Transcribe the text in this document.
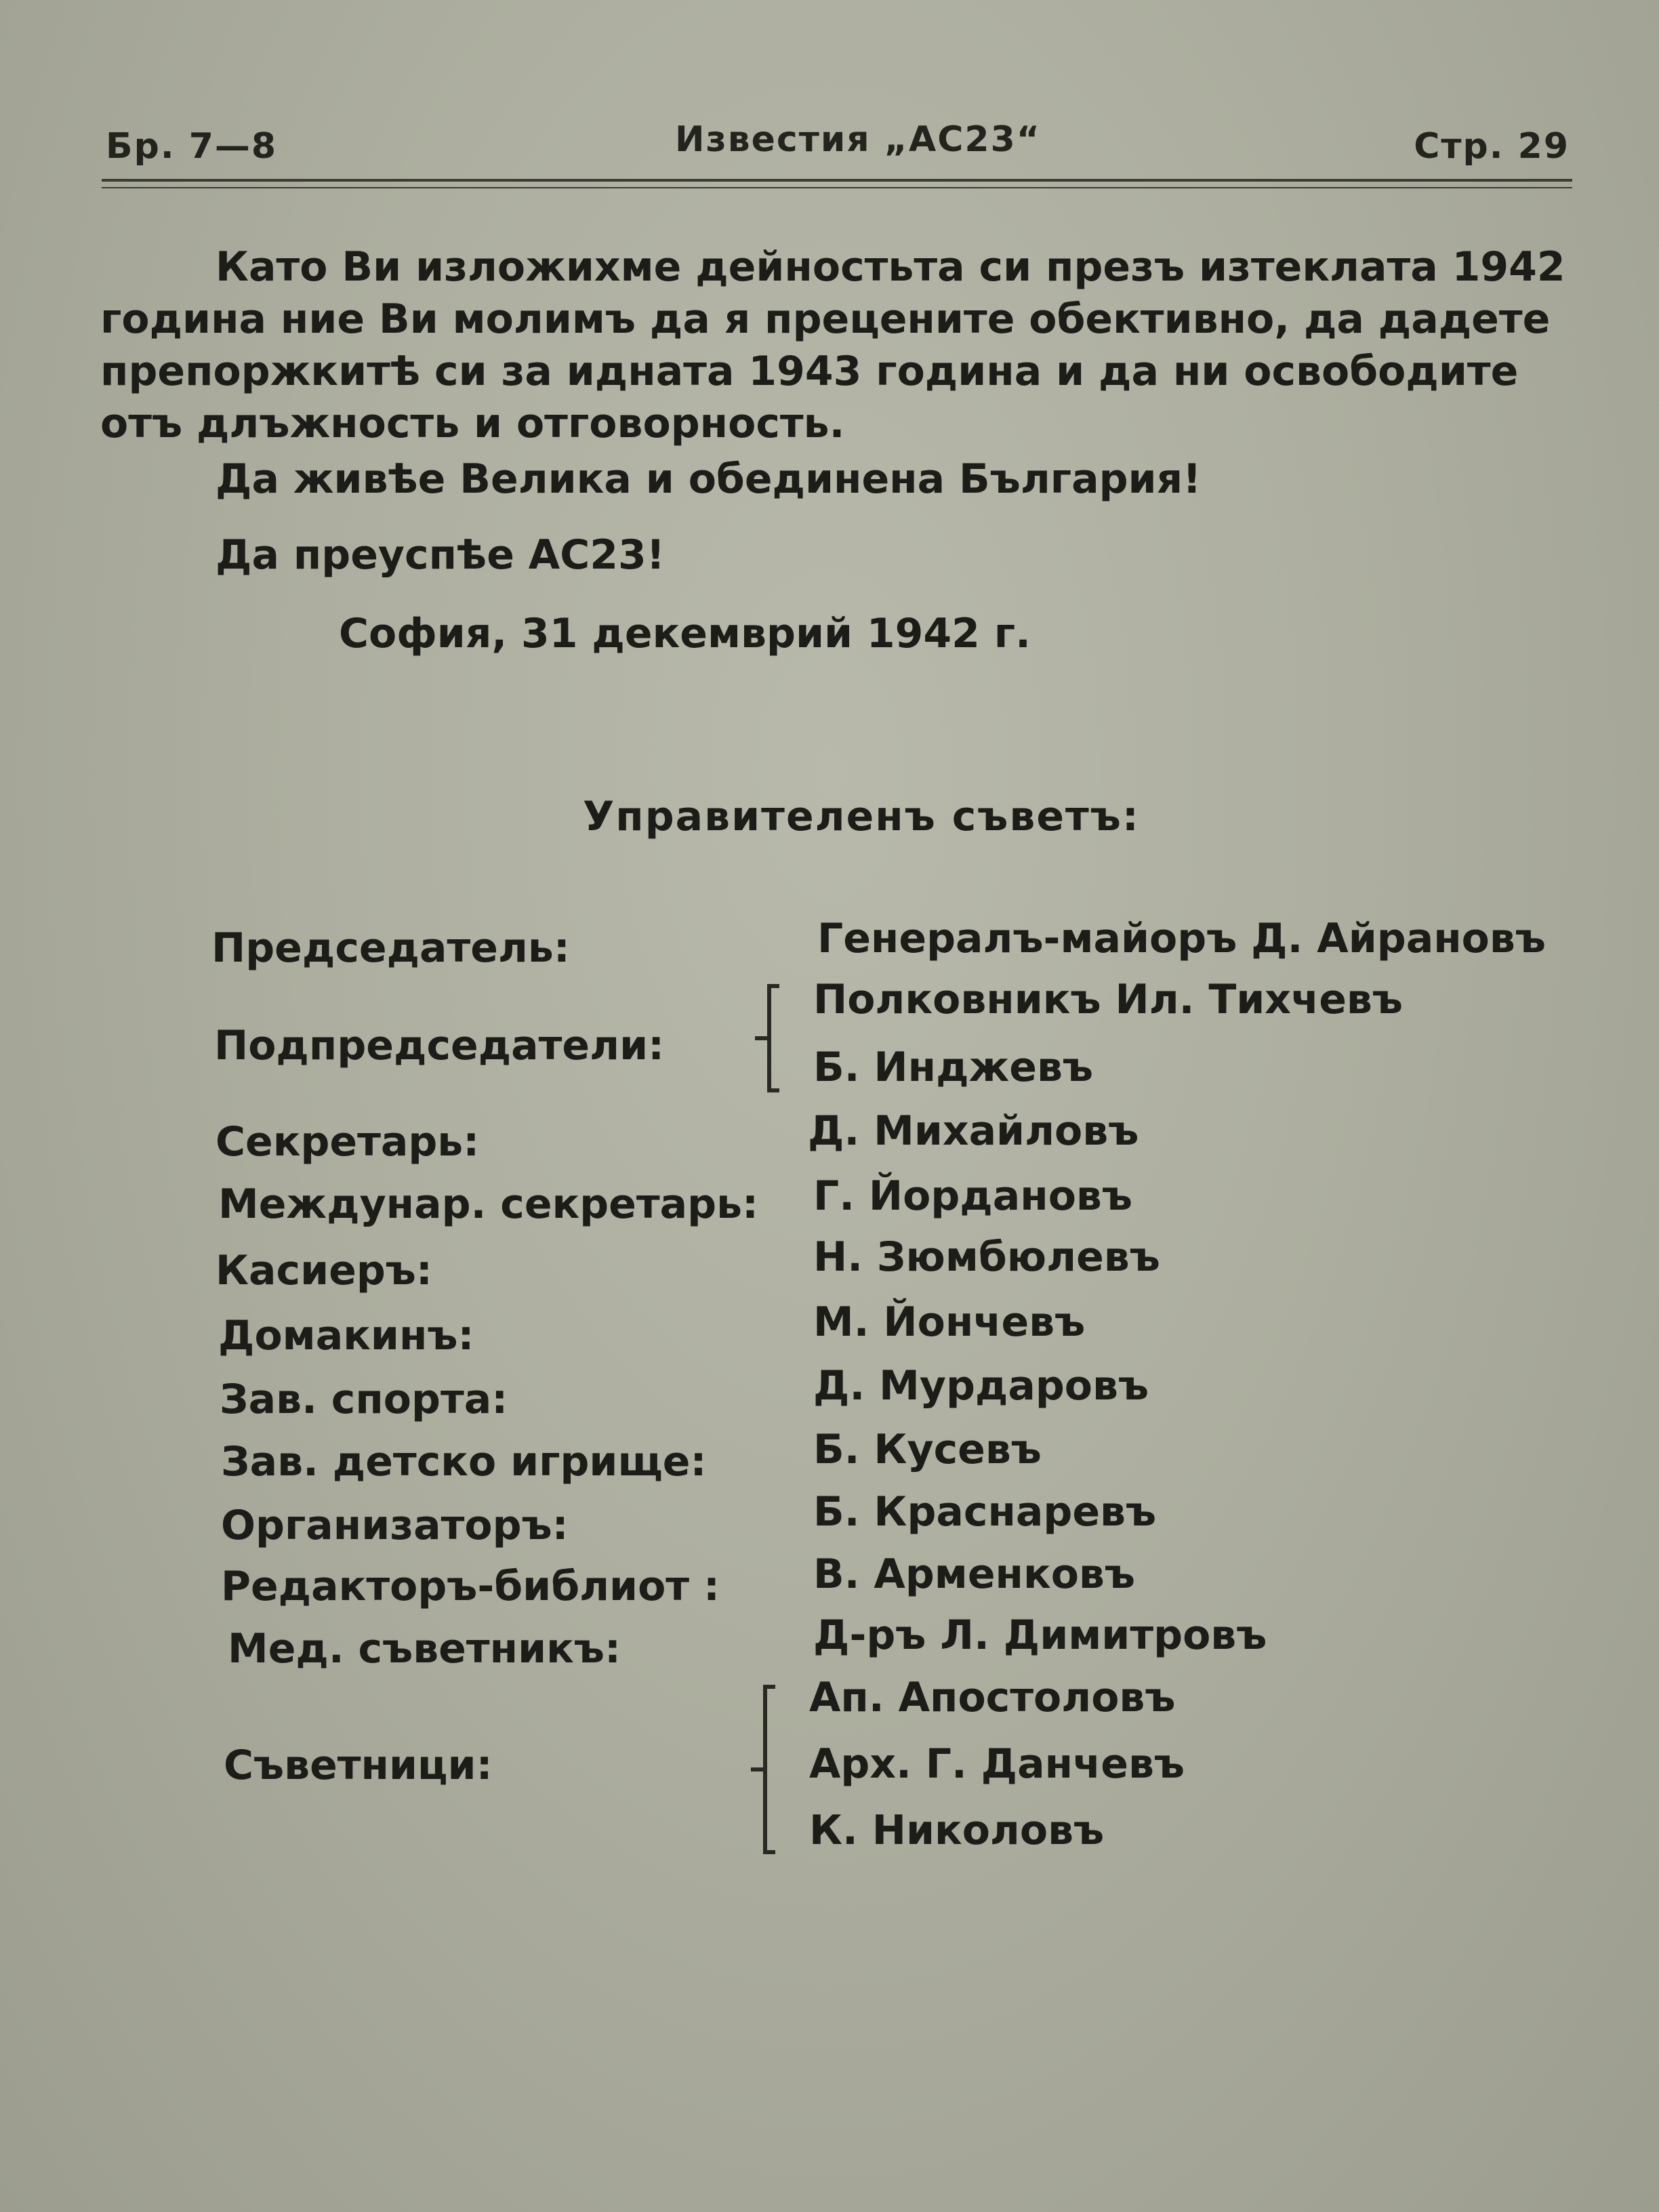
Бр. 7—8	Известия „АС23“	Стр. 29
Като Ви изложихме дейностьта си презъ изтеклата 1942
година ние Ви молимъ да я прецените обективно, да дадете
препоржкитѣ си за идната 1943 година и да ни освободите
отъ длъжность и отговорность.
Да живѣе Велика и обединена България!
Да преуспѣе АС23!
София, 31 декемврий 1942 г.
Управителенъ съветъ:
Председатель:	Генералъ-майоръ Д. Айрановъ
Подпредседатели:
Полковникъ Ил. Тихчевъ
Б. Инджевъ
Секретарь:	Д. Михайловъ
Междунар. секретарь: Г. Йордановъ
Касиеръ:	Н. Зюмбюлевъ
Домакинъ:	М. Йончевъ
Зав. спорта:	Д. Мурдаровъ
Зав. детско игрище:	Б. Кусевъ
Организаторъ:	Б. Краснаревъ
Редакторъ-библиот : В. Арменковъ
Мед. съветникъ:	Д-ръ Л. Димитровъ
Съветници:
Ап. Апостоловъ
Арх. Г. Данчевъ
К. Николовъ
